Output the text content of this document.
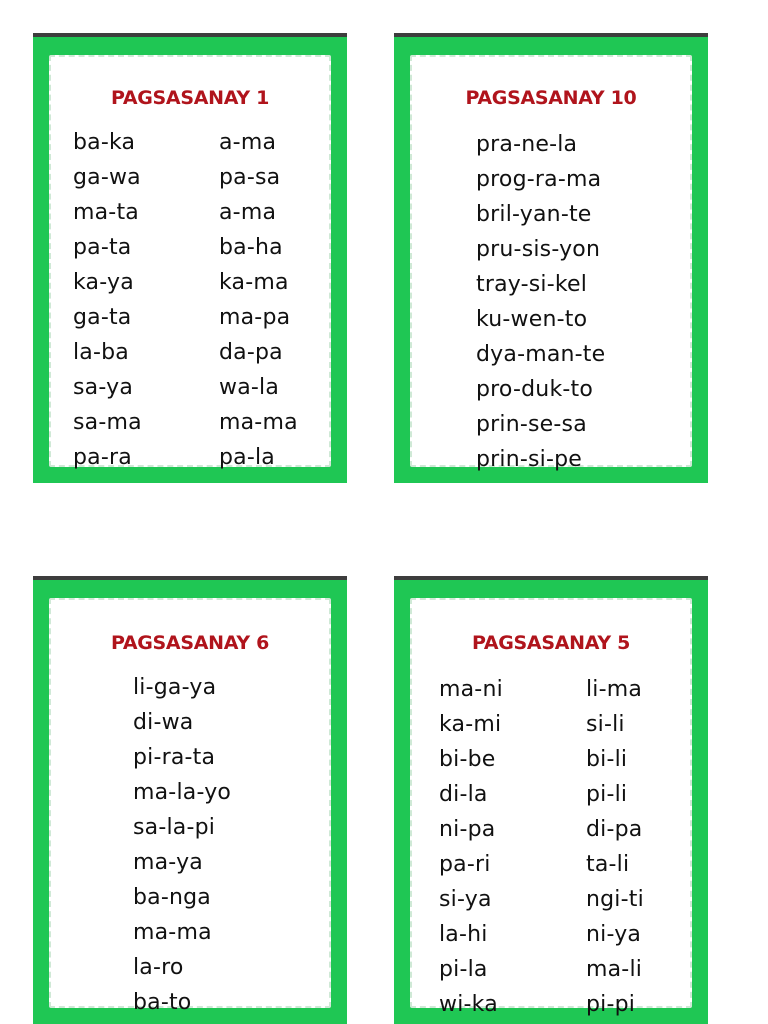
PAGSASANAY 1
ba-ka
ga-wa
ma-ta
pa-ta
ka-ya
ga-ta
la-ba
sa-ya
sa-ma
pa-ra
a-ma
pa-sa
a-ma
ba-ha
ka-ma
ma-pa
da-pa
wa-la
ma-ma
pa-la
PAGSASANAY 10
pra-ne-la
prog-ra-ma
bril-yan-te
pru-sis-yon
tray-si-kel
ku-wen-to
dya-man-te
pro-duk-to
prin-se-sa
prin-si-pe
PAGSASANAY 6
li-ga-ya
di-wa
pi-ra-ta
ma-la-yo
sa-la-pi
ma-ya
ba-nga
ma-ma
la-ro
ba-to
PAGSASANAY 5
ma-ni
ka-mi
bi-be
di-la
ni-pa
pa-ri
si-ya
la-hi
pi-la
wi-ka
li-ma
si-li
bi-li
pi-li
di-pa
ta-li
ngi-ti
ni-ya
ma-li
pi-pi
